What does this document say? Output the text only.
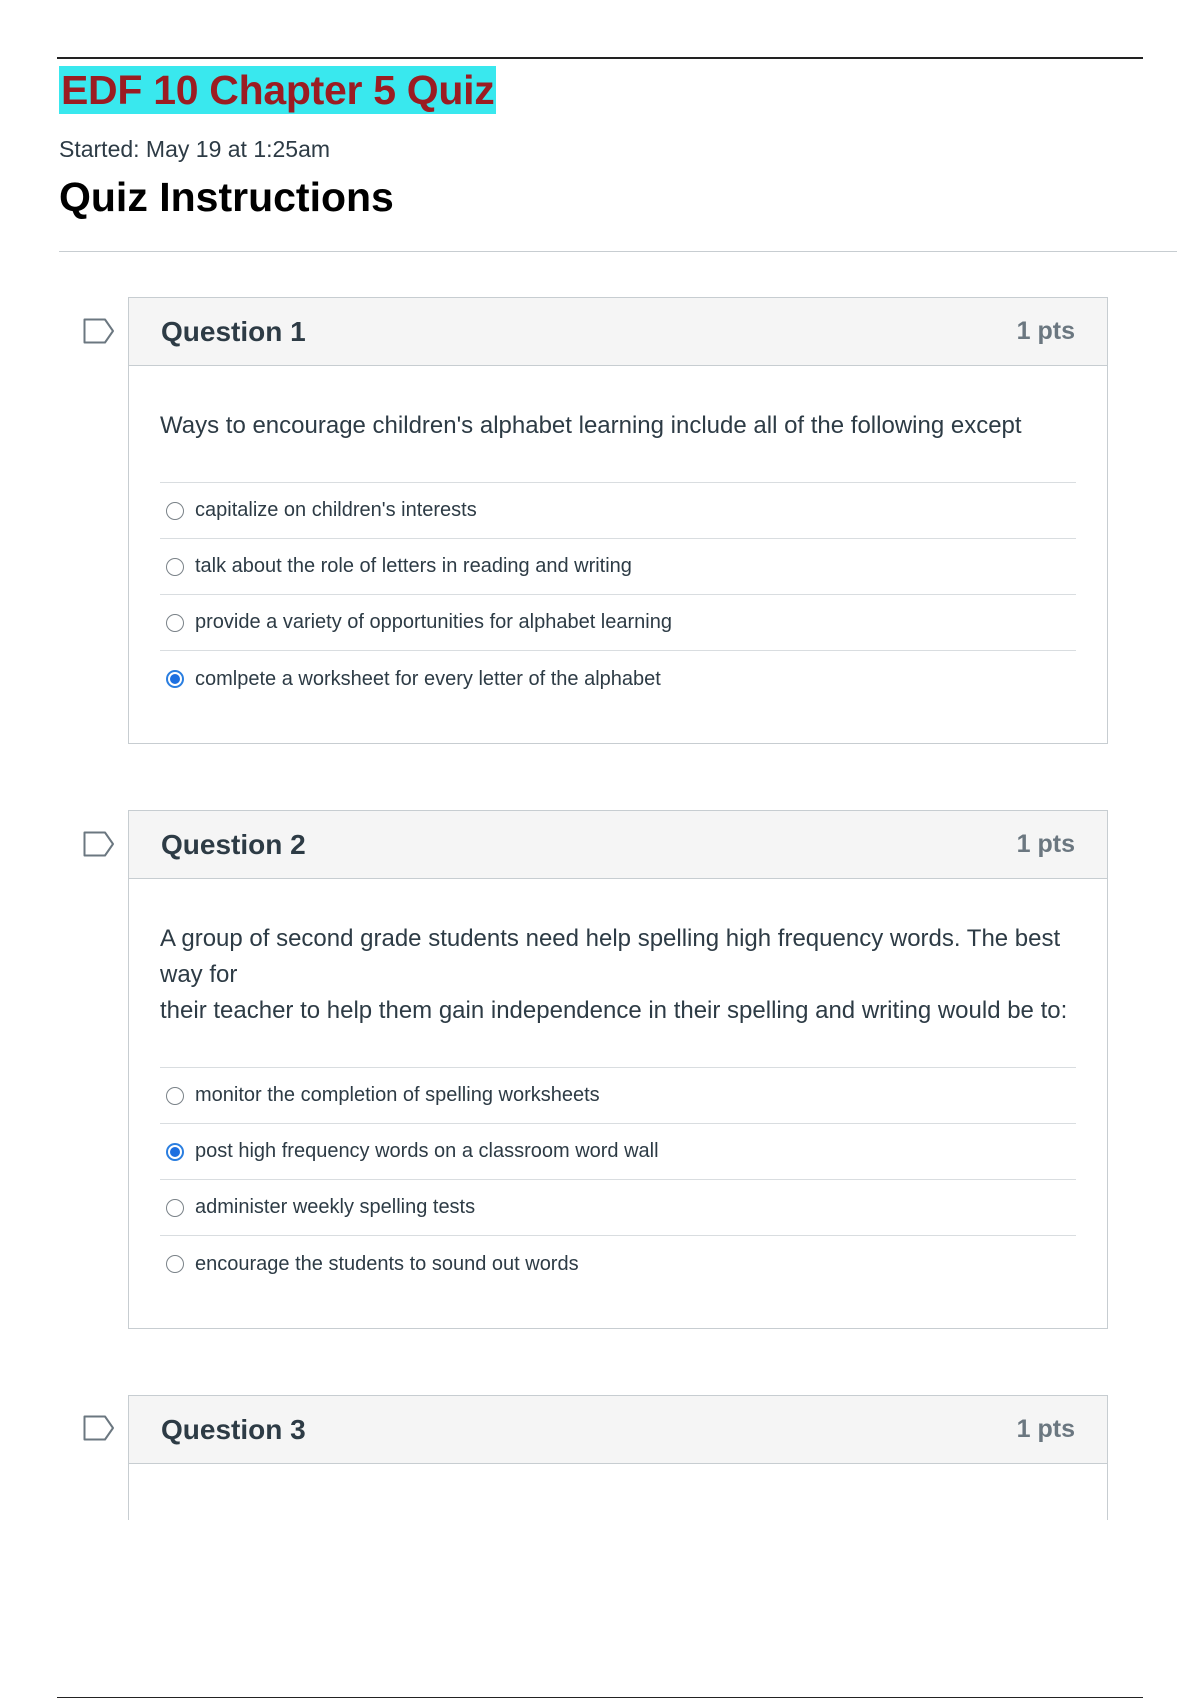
EDF 10 Chapter 5 Quiz
Started: May 19 at 1:25am
Quiz Instructions
Question 1	1 pts

Ways to encourage children's alphabet learning include all of the following except

capitalize on children's interests
talk about the role of letters in reading and writing
provide a variety of opportunities for alphabet learning
comlpete a worksheet for every letter of the alphabet
Question 2	1 pts

A group of second grade students need help spelling high frequency words. The best way for
their teacher to help them gain independence in their spelling and writing would be to:

monitor the completion of spelling worksheets
post high frequency words on a classroom word wall
administer weekly spelling tests
encourage the students to sound out words
Question 3	1 pts
